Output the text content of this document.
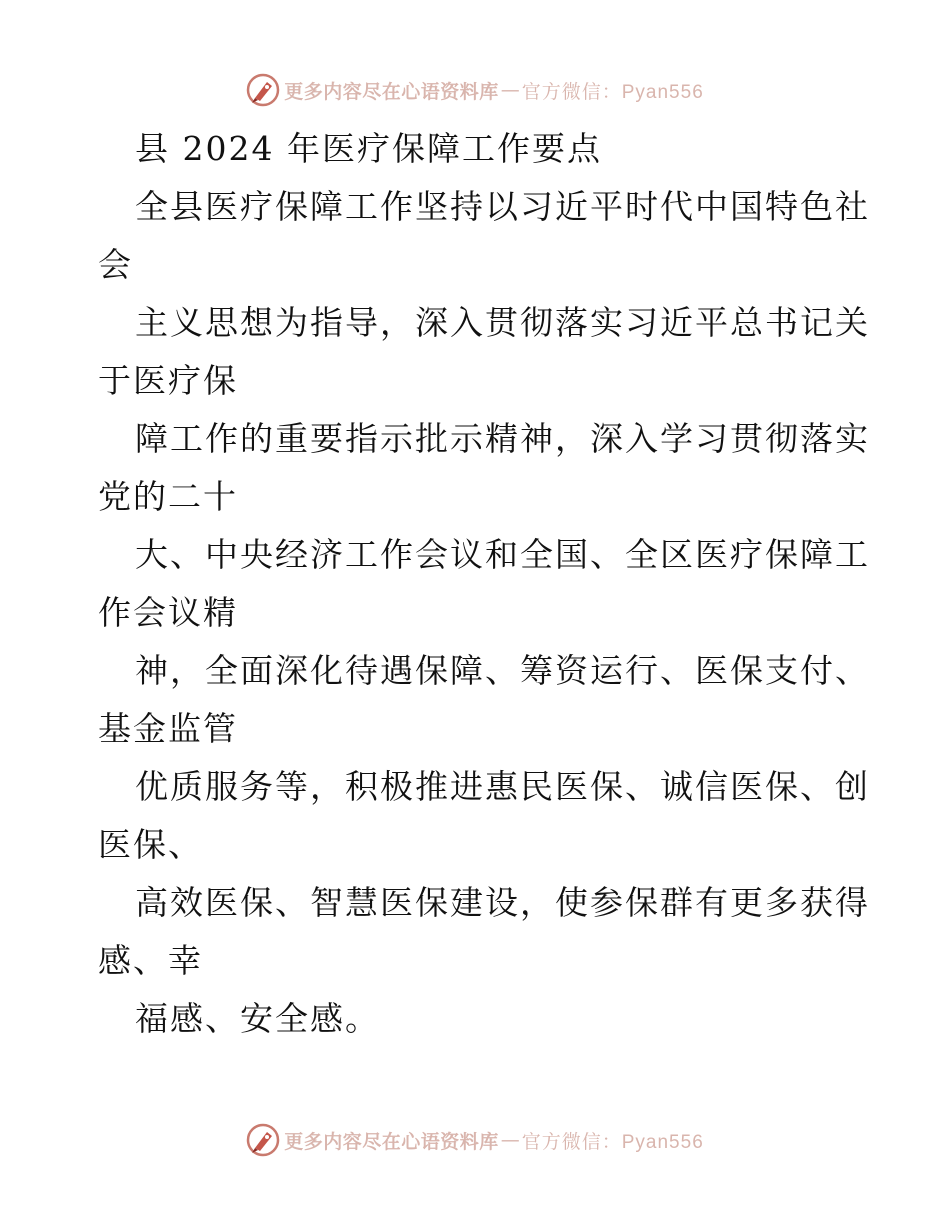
更多内容尽在心语资料库 — 官方微信：Pyan556
县 2024 年医疗保障工作要点
全县医疗保障工作坚持以习近平时代中国特色社
会
主义思想为指导，深入贯彻落实习近平总书记关
于医疗保
障工作的重要指示批示精神，深入学习贯彻落实
党的二十
大、中央经济工作会议和全国、全区医疗保障工
作会议精
神，全面深化待遇保障、筹资运行、医保支付、
基金监管
优质服务等，积极推进惠民医保、诚信医保、创
医保、
高效医保、智慧医保建设，使参保群有更多获得
感、幸
福感、安全感。
更多内容尽在心语资料库 — 官方微信：Pyan556
